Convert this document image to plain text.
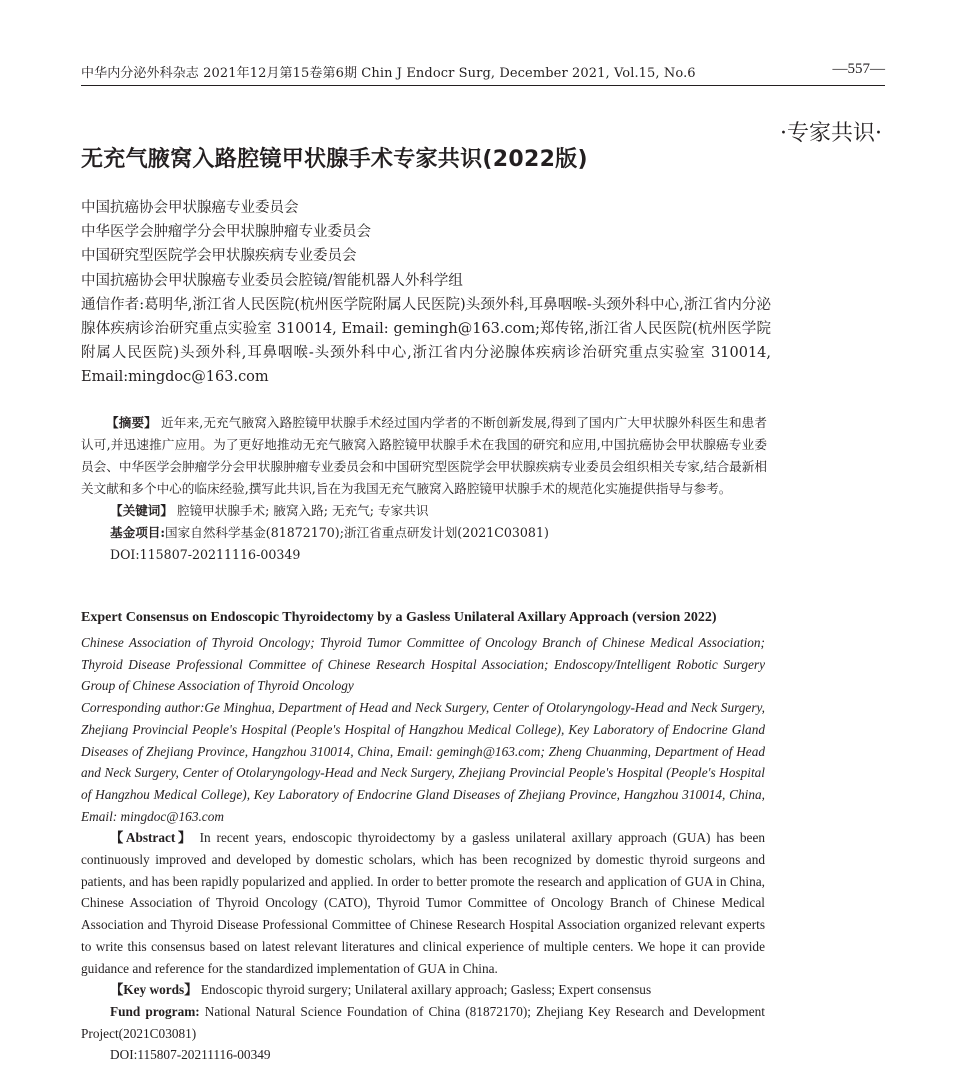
中华内分泌外科杂志 2021年12月第15卷第6期 Chin J Endocr Surg, December 2021, Vol.15, No.6	—557—
·专家共识·
无充气腋窝入路腔镜甲状腺手术专家共识(2022版)
中国抗癌协会甲状腺癌专业委员会
中华医学会肿瘤学分会甲状腺肿瘤专业委员会
中国研究型医院学会甲状腺疾病专业委员会
中国抗癌协会甲状腺癌专业委员会腔镜/智能机器人外科学组
通信作者:葛明华,浙江省人民医院(杭州医学院附属人民医院)头颈外科,耳鼻咽喉-头颈外科中心,浙江省内分泌腺体疾病诊治研究重点实验室 310014, Email: gemingh@163.com;郑传铭,浙江省人民医院(杭州医学院附属人民医院)头颈外科,耳鼻咽喉-头颈外科中心,浙江省内分泌腺体疾病诊治研究重点实验室 310014, Email:mingdoc@163.com

【摘要】 近年来,无充气腋窝入路腔镜甲状腺手术经过国内学者的不断创新发展,得到了国内广大甲状腺外科医生和患者认可,并迅速推广应用。为了更好地推动无充气腋窝入路腔镜甲状腺手术在我国的研究和应用,中国抗癌协会甲状腺癌专业委员会、中华医学会肿瘤学分会甲状腺肿瘤专业委员会和中国研究型医院学会甲状腺疾病专业委员会组织相关专家,结合最新相关文献和多个中心的临床经验,撰写此共识,旨在为我国无充气腋窝入路腔镜甲状腺手术的规范化实施提供指导与参考。

【关键词】 腔镜甲状腺手术; 腋窝入路; 无充气; 专家共识
基金项目:国家自然科学基金(81872170);浙江省重点研发计划(2021C03081)
DOI:115807-20211116-00349
Expert Consensus on Endoscopic Thyroidectomy by a Gasless Unilateral Axillary Approach (version 2022)

Chinese Association of Thyroid Oncology; Thyroid Tumor Committee of Oncology Branch of Chinese Medical Association; Thyroid Disease Professional Committee of Chinese Research Hospital Association; Endoscopy/Intelligent Robotic Surgery Group of Chinese Association of Thyroid Oncology

Corresponding author:Ge Minghua, Department of Head and Neck Surgery, Center of Otolaryngology-Head and Neck Surgery, Zhejiang Provincial People's Hospital (People's Hospital of Hangzhou Medical College), Key Laboratory of Endocrine Gland Diseases of Zhejiang Province, Hangzhou 310014, China, Email: gemingh@163.com; Zheng Chuanming, Department of Head and Neck Surgery, Center of Otolaryngology-Head and Neck Surgery, Zhejiang Provincial People's Hospital (People's Hospital of Hangzhou Medical College), Key Laboratory of Endocrine Gland Diseases of Zhejiang Province, Hangzhou 310014, China, Email: mingdoc@163.com

【Abstract】 In recent years, endoscopic thyroidectomy by a gasless unilateral axillary approach (GUA) has been continuously improved and developed by domestic scholars, which has been recognized by domestic thyroid surgeons and patients, and has been rapidly popularized and applied. In order to better promote the research and application of GUA in China, Chinese Association of Thyroid Oncology (CATO), Thyroid Tumor Committee of Oncology Branch of Chinese Medical Association and Thyroid Disease Professional Committee of Chinese Research Hospital Association organized relevant experts to write this consensus based on latest relevant literatures and clinical experience of multiple centers. We hope it can provide guidance and reference for the standardized implementation of GUA in China.

【Key words】 Endoscopic thyroid surgery; Unilateral axillary approach; Gasless; Expert consensus

Fund program: National Natural Science Foundation of China (81872170); Zhejiang Key Research and Development Project(2021C03081)

DOI:115807-20211116-00349
